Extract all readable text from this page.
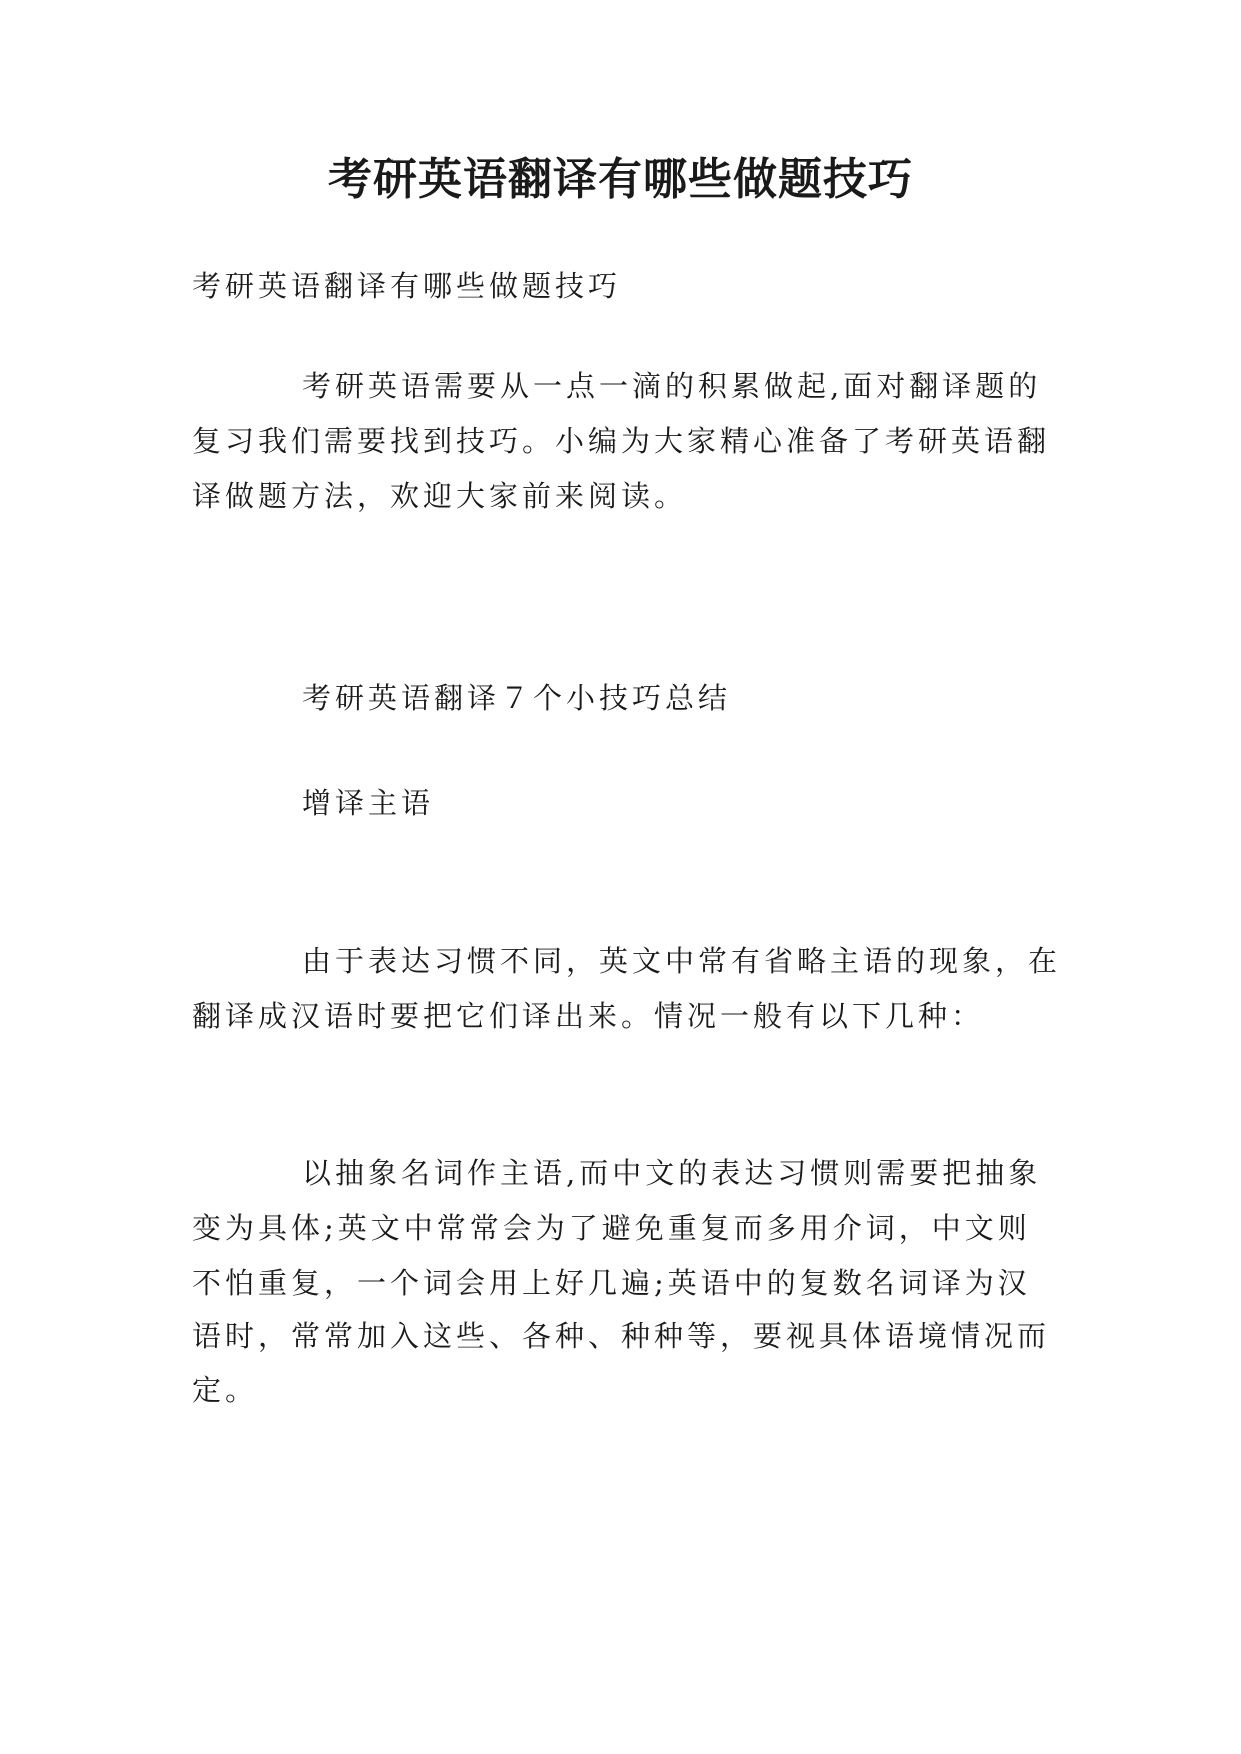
考研英语翻译有哪些做题技巧
考研英语翻译有哪些做题技巧
考研英语需要从一点一滴的积累做起,面对翻译题的
复习我们需要找到技巧。小编为大家精心准备了考研英语翻
译做题方法，欢迎大家前来阅读。
考研英语翻译７个小技巧总结
增译主语
由于表达习惯不同，英文中常有省略主语的现象，在
翻译成汉语时要把它们译出来。情况一般有以下几种：
以抽象名词作主语,而中文的表达习惯则需要把抽象
变为具体;英文中常常会为了避免重复而多用介词，中文则
不怕重复，一个词会用上好几遍;英语中的复数名词译为汉
语时，常常加入这些、各种、种种等，要视具体语境情况而
定。
